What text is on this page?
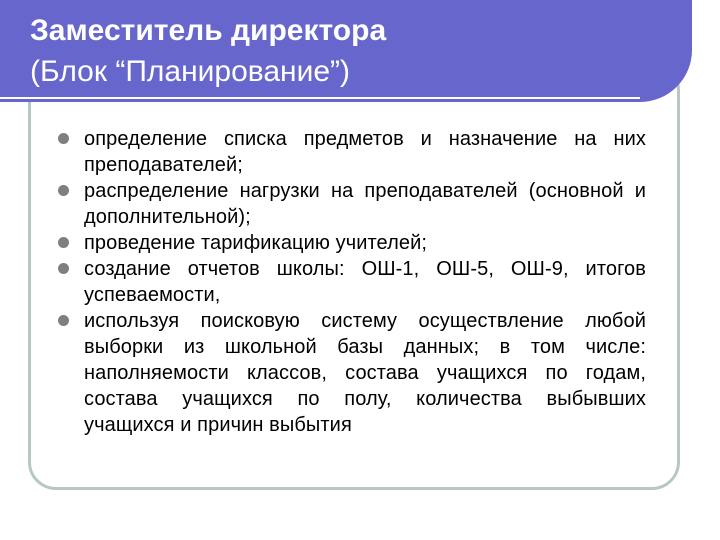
Заместитель директора
(Блок “Планирование”)
определение списка предметов и назначение на них преподавателей;
распределение нагрузки на преподавателей (основной и дополнительной);
проведение тарификацию учителей;
создание отчетов школы: ОШ-1, ОШ-5, ОШ-9, итогов успеваемости,
используя поисковую систему осуществление любой выборки из школьной базы данных; в том числе: наполняемости классов, состава учащихся по годам, состава учащихся по полу, количества выбывших учащихся и причин выбытия
